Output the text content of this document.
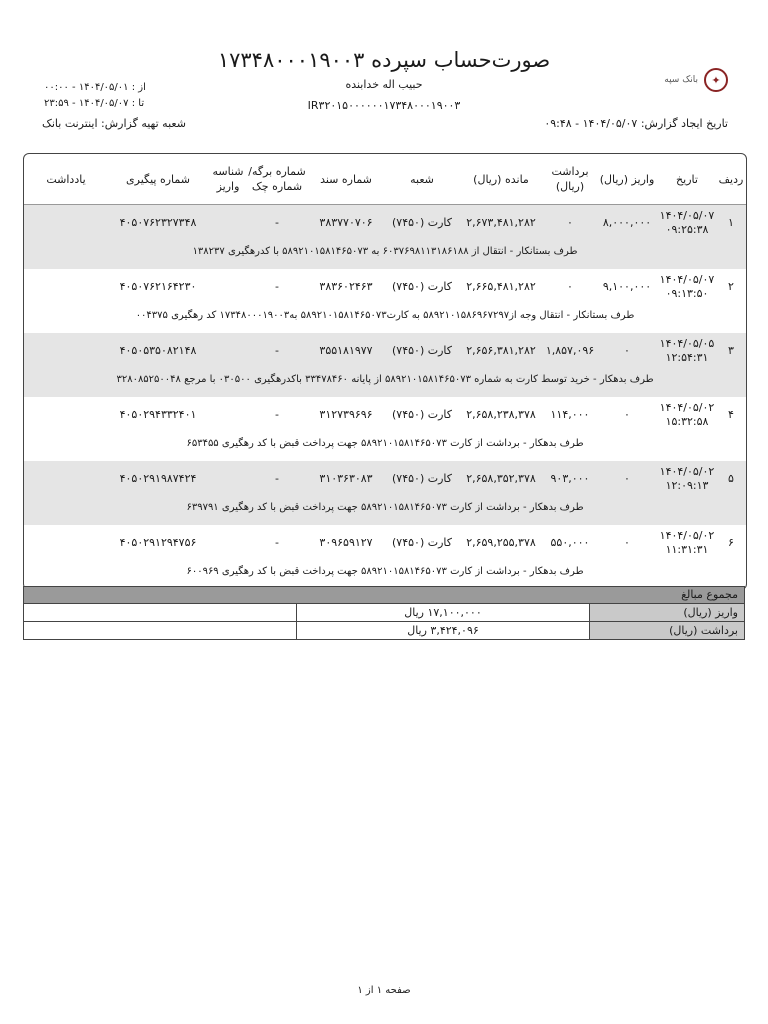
صورت‌حساب سپرده ۱۷۳۴۸۰۰۰۱۹۰۰۳
حبیب اله خدابنده
IR۳۲۰۱۵۰۰۰۰۰۰۱۷۳۴۸۰۰۰۱۹۰۰۳
✦
بانک سپه
از : ۱۴۰۴/۰۵/۰۱ - ۰۰:۰۰
تا : ۱۴۰۴/۰۵/۰۷ - ۲۳:۵۹
تاریخ ایجاد گزارش: ۱۴۰۴/۰۵/۰۷ - ۰۹:۴۸
شعبه تهیه گزارش: اینترنت بانک
ردیف
تاریخ
واریز (ریال)
برداشت (ریال)
مانده (ریال)
شعبه
شماره سند
شماره برگه/شماره چک
شناسه واریز
شماره پیگیری
یادداشت
۱
۱۴۰۴/۰۵/۰۷
۰۹:۲۵:۳۸
۸,۰۰۰,۰۰۰
۰
۲,۶۷۳,۴۸۱,۲۸۲
کارت (۷۴۵۰)
۳۸۳۷۷۰۷۰۶
-
۴۰۵۰۷۶۲۳۲۷۳۴۸
طرف بستانکار - انتقال از ۶۰۳۷۶۹۸۱۱۳۱۸۶۱۸۸ به ۵۸۹۲۱۰۱۵۸۱۴۶۵۰۷۳ با کدرهگیری ۱۳۸۲۳۷
۲
۱۴۰۴/۰۵/۰۷
۰۹:۱۳:۵۰
۹,۱۰۰,۰۰۰
۰
۲,۶۶۵,۴۸۱,۲۸۲
کارت (۷۴۵۰)
۳۸۳۶۰۲۴۶۳
-
۴۰۵۰۷۶۲۱۶۴۲۳۰
طرف بستانکار - انتقال وجه از۵۸۹۲۱۰۱۵۸۶۹۶۷۲۹۷ به کارت۵۸۹۲۱۰۱۵۸۱۴۶۵۰۷۳ به۱۷۳۴۸۰۰۰۱۹۰۰۳ کد رهگیری ۰۰۴۳۷۵
۳
۱۴۰۴/۰۵/۰۵
۱۲:۵۴:۳۱
۰
۱,۸۵۷,۰۹۶
۲,۶۵۶,۳۸۱,۲۸۲
کارت (۷۴۵۰)
۳۵۵۱۸۱۹۷۷
-
۴۰۵۰۵۳۵۰۸۲۱۴۸
طرف بدهکار - خرید توسط کارت به شماره ۵۸۹۲۱۰۱۵۸۱۴۶۵۰۷۳ از پایانه ۳۳۴۷۸۴۶۰ باکدرهگیری ۰۳۰۵۰۰ با مرجع ۳۲۸۰۸۵۲۵۰۰۴۸
۴
۱۴۰۴/۰۵/۰۲
۱۵:۳۲:۵۸
۰
۱۱۴,۰۰۰
۲,۶۵۸,۲۳۸,۳۷۸
کارت (۷۴۵۰)
۳۱۲۷۳۹۶۹۶
-
۴۰۵۰۲۹۴۳۳۲۴۰۱
طرف بدهکار - برداشت از کارت ۵۸۹۲۱۰۱۵۸۱۴۶۵۰۷۳ جهت پرداخت قبض با کد رهگیری ۶۵۳۴۵۵
۵
۱۴۰۴/۰۵/۰۲
۱۲:۰۹:۱۳
۰
۹۰۳,۰۰۰
۲,۶۵۸,۳۵۲,۳۷۸
کارت (۷۴۵۰)
۳۱۰۳۶۳۰۸۳
-
۴۰۵۰۲۹۱۹۸۷۴۲۴
طرف بدهکار - برداشت از کارت ۵۸۹۲۱۰۱۵۸۱۴۶۵۰۷۳ جهت پرداخت قبض با کد رهگیری ۶۳۹۷۹۱
۶
۱۴۰۴/۰۵/۰۲
۱۱:۳۱:۳۱
۰
۵۵۰,۰۰۰
۲,۶۵۹,۲۵۵,۳۷۸
کارت (۷۴۵۰)
۳۰۹۶۵۹۱۲۷
-
۴۰۵۰۲۹۱۲۹۴۷۵۶
طرف بدهکار - برداشت از کارت ۵۸۹۲۱۰۱۵۸۱۴۶۵۰۷۳ جهت پرداخت قبض با کد رهگیری ۶۰۰۹۶۹
مجموع مبالغ
واریز (ریال)
۱۷,۱۰۰,۰۰۰ ریال
برداشت (ریال)
۳,۴۲۴,۰۹۶ ریال
صفحه ۱ از ۱
